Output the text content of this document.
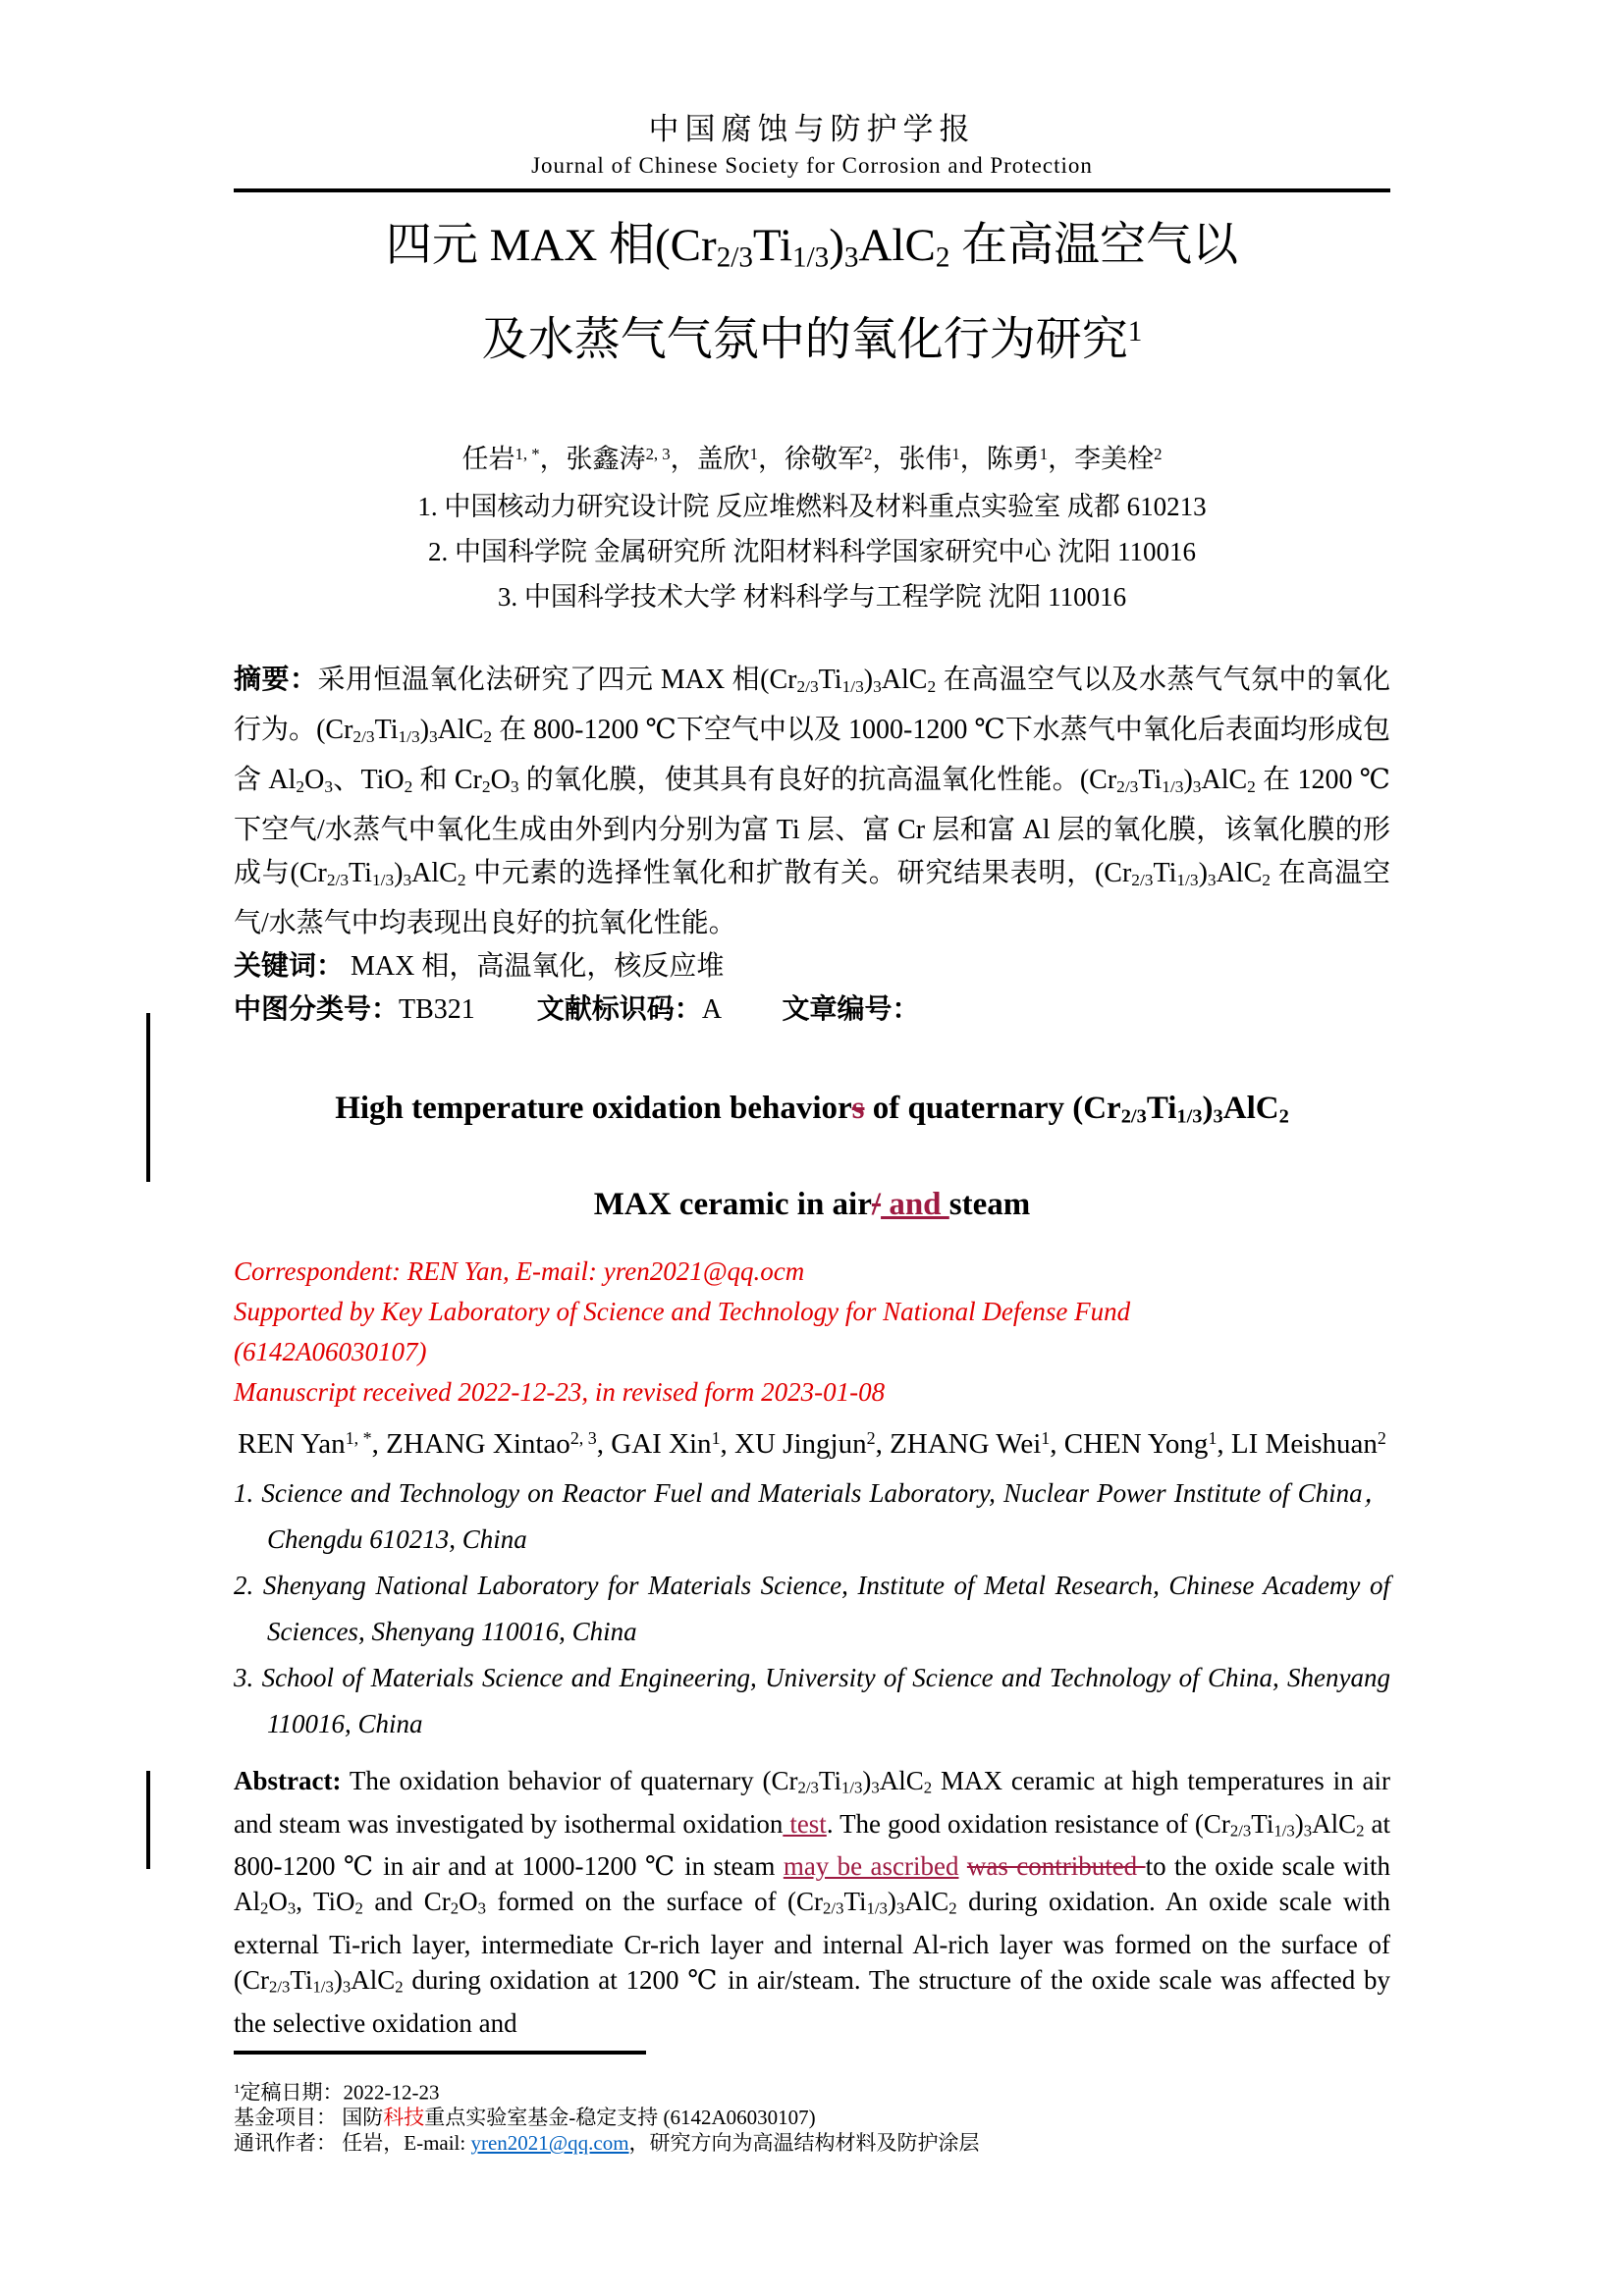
中国腐蚀与防护学报
Journal of Chinese Society for Corrosion and Protection
四元 MAX 相$(Cr_{2/3}Ti_{1/3})_3AlC_2$ 在高温空气以
及水蒸气气氛中的氧化行为研究$^1$
任岩$^{1, *}$，张鑫涛$^{2, 3}$，盖欣$^1$，徐敬军$^2$，张伟$^1$，陈勇$^1$，李美栓$^2$
1. 中国核动力研究设计院 反应堆燃料及材料重点实验室 成都 610213
2. 中国科学院 金属研究所 沈阳材料科学国家研究中心 沈阳 110016
3. 中国科学技术大学 材料科学与工程学院 沈阳 110016

摘要：采用恒温氧化法研究了四元 MAX 相$(Cr_{2/3}Ti_{1/3})_3AlC_2$ 在高温空气以及水蒸气气氛中的氧化行为。$(Cr_{2/3}Ti_{1/3})_3AlC_2$ 在 800-1200 ℃下空气中以及 1000-1200 ℃下水蒸气中氧化后表面均形成包含 $Al_2O_3$、TiO$_2$ 和 $Cr_2O_3$ 的氧化膜，使其具有良好的抗高温氧化性能。$(Cr_{2/3}Ti_{1/3})_3AlC_2$ 在 1200 ℃下空气/水蒸气中氧化生成由外到内分别为富 Ti 层、富 Cr 层和富 Al 层的氧化膜，该氧化膜的形成与$(Cr_{2/3}Ti_{1/3})_3AlC_2$ 中元素的选择性氧化和扩散有关。研究结果表明，$(Cr_{2/3}Ti_{1/3})_3AlC_2$ 在高温空气/水蒸气中均表现出良好的抗氧化性能。

关键词： MAX 相，高温氧化，核反应堆

中图分类号：TB321　　 文献标识码：A　　 文章编号：

High temperature oxidation behaviors of quaternary $(Cr_{2/3}Ti_{1/3})_3AlC_2$
MAX ceramic in air/ and steam
Correspondent: REN Yan, E-mail: yren2021@qq.ocm
Supported by Key Laboratory of Science and Technology for National Defense Fund
(6142A06030107)
Manuscript received 2022-12-23, in revised form 2023-01-08
REN Yan$^{1, *}$, ZHANG Xintao$^{2, 3}$, GAI Xin$^1$, XU Jingjun$^2$, ZHANG Wei$^1$, CHEN Yong$^1$, LI Meishuan$^2$
1. Science and Technology on Reactor Fuel and Materials Laboratory, Nuclear Power Institute of China，Chengdu 610213, China
2. Shenyang National Laboratory for Materials Science, Institute of Metal Research, Chinese Academy of Sciences, Shenyang 110016, China
3. School of Materials Science and Engineering, University of Science and Technology of China, Shenyang 110016, China

Abstract: The oxidation behavior of quaternary $(Cr_{2/3}Ti_{1/3})_3AlC_2$ MAX ceramic at high temperatures in air and steam was investigated by isothermal oxidation test. The good oxidation resistance of $(Cr_{2/3}Ti_{1/3})_3AlC_2$ at 800-1200 ℃ in air and at 1000-1200 ℃ in steam may be ascribed was contributed to the oxide scale with $Al_2O_3$, TiO$_2$ and $Cr_2O_3$ formed on the surface of $(Cr_{2/3}Ti_{1/3})_3AlC_2$ during oxidation. An oxide scale with external Ti-rich layer, intermediate Cr-rich layer and internal Al-rich layer was formed on the surface of $(Cr_{2/3}Ti_{1/3})_3AlC_2$ during oxidation at 1200 ℃ in air/steam. The structure of the oxide scale was affected by the selective oxidation and

$^1$定稿日期：2022-12-23
基金项目： 国防科技重点实验室基金-稳定支持 (6142A06030107)
通讯作者： 任岩，E-mail: yren2021@qq.com，研究方向为高温结构材料及防护涂层
